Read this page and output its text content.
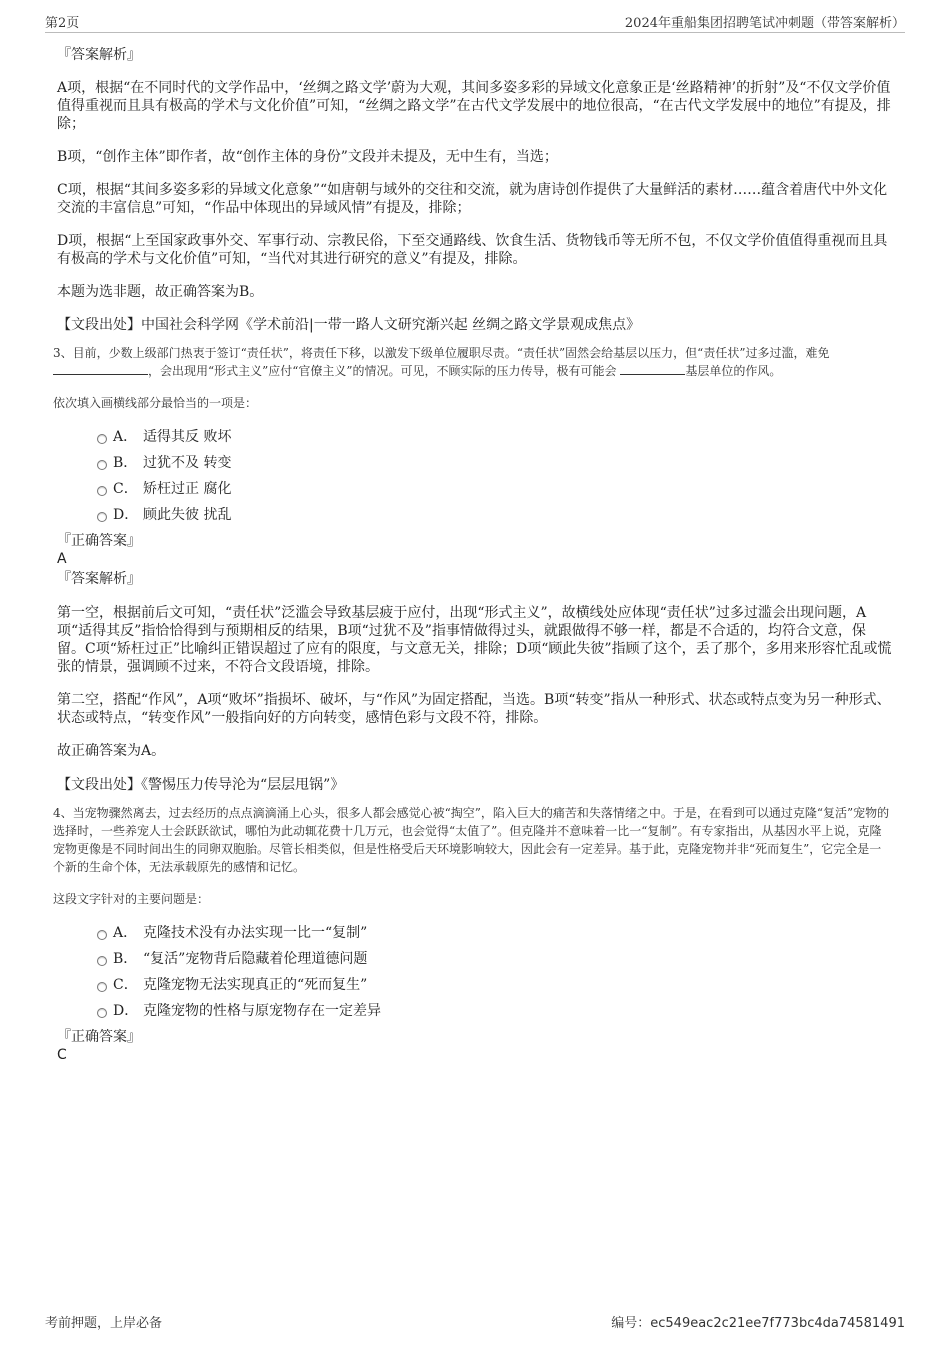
第2页	2024年重船集团招聘笔试冲刺题（带答案解析）

『答案解析』

A项，根据“在不同时代的文学作品中，‘丝绸之路文学’蔚为大观，其间多姿多彩的异域文化意象正是‘丝路精神’的折射”及“不仅文学价值值得重视而且具有极高的学术与文化价值”可知，“丝绸之路文学”在古代文学发展中的地位很高，“在古代文学发展中的地位”有提及，排除；

B项，“创作主体”即作者，故“创作主体的身份”文段并未提及，无中生有，当选；

C项，根据“其间多姿多彩的异域文化意象”“如唐朝与域外的交往和交流，就为唐诗创作提供了大量鲜活的素材……蕴含着唐代中外文化交流的丰富信息”可知，“作品中体现出的异域风情”有提及，排除；

D项，根据“上至国家政事外交、军事行动、宗教民俗，下至交通路线、饮食生活、货物钱币等无所不包，不仅文学价值值得重视而且具有极高的学术与文化价值”可知，“当代对其进行研究的意义”有提及，排除。

本题为选非题，故正确答案为B。

【文段出处】中国社会科学网《学术前沿|一带一路人文研究渐兴起 丝绸之路文学景观成焦点》

3、目前，少数上级部门热衷于签订“责任状”，将责任下移，以激发下级单位履职尽责。“责任状”固然会给基层以压力，但“责任状”过多过滥，难免 ，会出现用“形式主义”应付“官僚主义”的情况。可见，不顾实际的压力传导，极有可能会	基层单位的作风。

依次填入画横线部分最恰当的一项是：

A． 适得其反 败坏
B． 过犹不及 转变
C． 矫枉过正 腐化
D． 顾此失彼 扰乱

『正确答案』

A

『答案解析』

第一空，根据前后文可知，“责任状”泛滥会导致基层疲于应付，出现“形式主义”，故横线处应体现“责任状”过多过滥会出现问题，A项“适得其反”指恰恰得到与预期相反的结果，B项“过犹不及”指事情做得过头，就跟做得不够一样，都是不合适的，均符合文意，保留。C项“矫枉过正”比喻纠正错误超过了应有的限度，与文意无关，排除；D项“顾此失彼”指顾了这个，丢了那个，多用来形容忙乱或慌张的情景，强调顾不过来，不符合文段语境，排除。

第二空，搭配“作风”，A项“败坏”指损坏、破坏，与“作风”为固定搭配，当选。B项“转变”指从一种形式、状态或特点变为另一种形式、状态或特点，“转变作风”一般指向好的方向转变，感情色彩与文段不符，排除。

故正确答案为A。

【文段出处】《警惕压力传导沦为“层层甩锅”》

4、当宠物骤然离去，过去经历的点点滴滴涌上心头，很多人都会感觉心被“掏空”，陷入巨大的痛苦和失落情绪之中。于是，在看到可以通过克隆“复活”宠物的选择时，一些养宠人士会跃跃欲试，哪怕为此动辄花费十几万元，也会觉得“太值了”。但克隆并不意味着一比一“复制”。有专家指出，从基因水平上说，克隆宠物更像是不同时间出生的同卵双胞胎。尽管长相类似，但是性格受后天环境影响较大，因此会有一定差异。基于此，克隆宠物并非“死而复生”，它完全是一个新的生命个体，无法承载原先的感情和记忆。

这段文字针对的主要问题是：

A． 克隆技术没有办法实现一比一“复制”
B． “复活”宠物背后隐藏着伦理道德问题
C． 克隆宠物无法实现真正的“死而复生”
D． 克隆宠物的性格与原宠物存在一定差异

『正确答案』

C

考前押题，上岸必备	编号：ec549eac2c21ee7f773bc4da74581491
